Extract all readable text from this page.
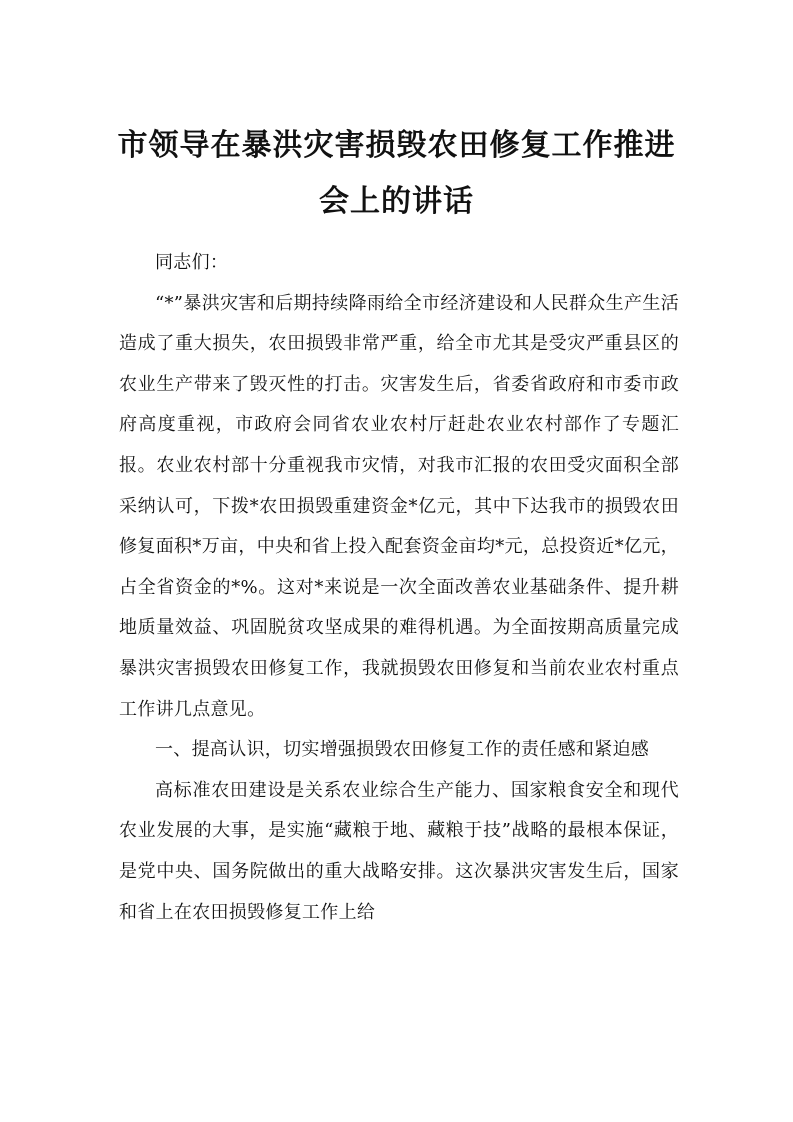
市领导在暴洪灾害损毁农田修复工作推进
会上的讲话

同志们：

“*”暴洪灾害和后期持续降雨给全市经济建设和人民群众生产生活造成了重大损失，农田损毁非常严重，给全市尤其是受灾严重县区的农业生产带来了毁灭性的打击。灾害发生后，省委省政府和市委市政府高度重视，市政府会同省农业农村厅赶赴农业农村部作了专题汇报。农业农村部十分重视我市灾情，对我市汇报的农田受灾面积全部采纳认可，下拨*农田损毁重建资金*亿元，其中下达我市的损毁农田修复面积*万亩，中央和省上投入配套资金亩均*元，总投资近*亿元，占全省资金的*%。这对*来说是一次全面改善农业基础条件、提升耕地质量效益、巩固脱贫攻坚成果的难得机遇。为全面按期高质量完成暴洪灾害损毁农田修复工作，我就损毁农田修复和当前农业农村重点工作讲几点意见。

一、提高认识，切实增强损毁农田修复工作的责任感和紧迫感

高标准农田建设是关系农业综合生产能力、国家粮食安全和现代农业发展的大事，是实施“藏粮于地、藏粮于技”战略的最根本保证，是党中央、国务院做出的重大战略安排。这次暴洪灾害发生后，国家和省上在农田损毁修复工作上给
